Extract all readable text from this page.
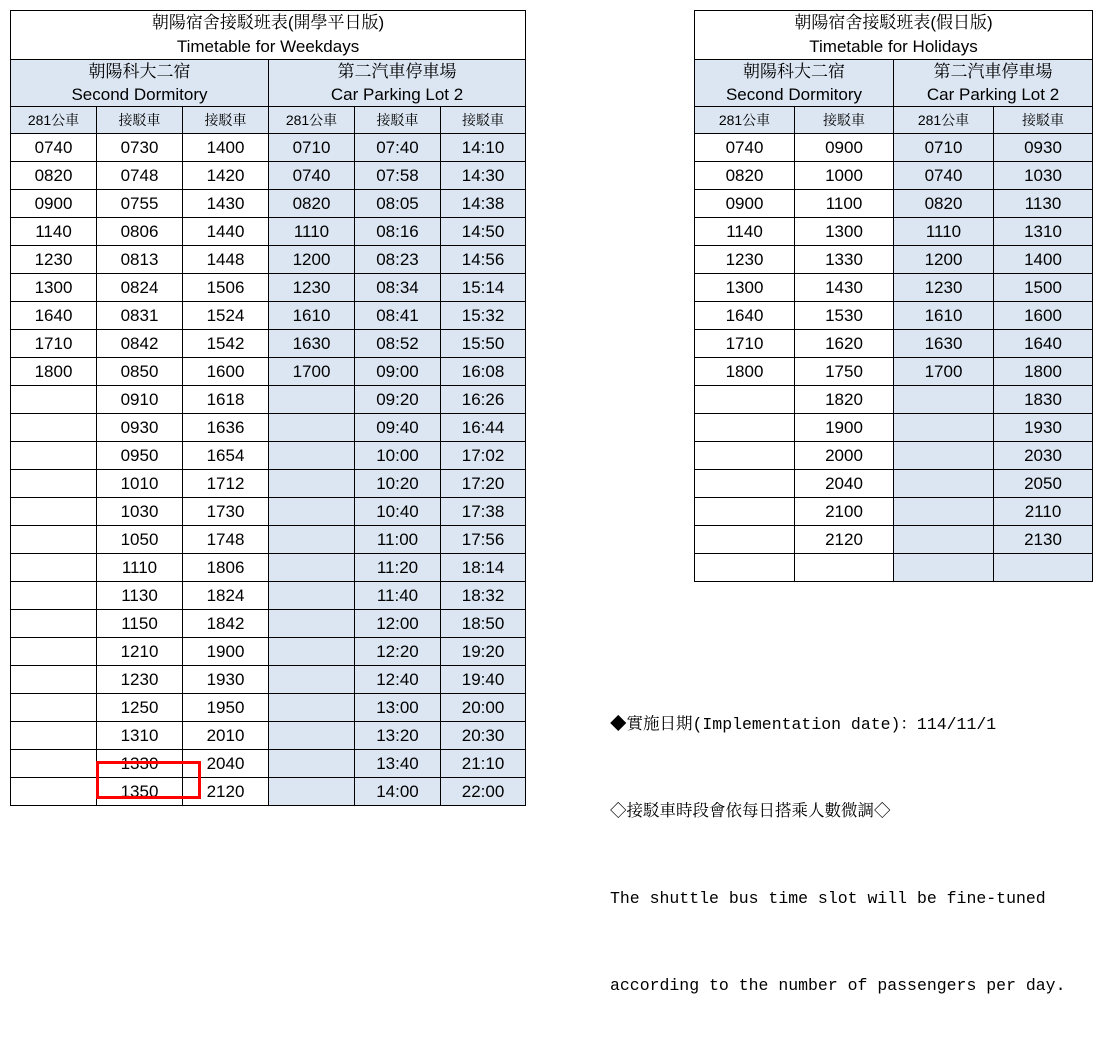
朝陽宿舍接駁班表(開學平日版)
Timetable for Weekdays					

朝陽科大二宿
Second Dormitory			第二汽車停車場
Car Parking Lot 2		

281公車	接駁車	接駁車	281公車	接駁車	接駁車
0740	0730	1400	0710	07:40	14:10
0820	0748	1420	0740	07:58	14:30
0900	0755	1430	0820	08:05	14:38
1140	0806	1440	1110	08:16	14:50
1230	0813	1448	1200	08:23	14:56
1300	0824	1506	1230	08:34	15:14
1640	0831	1524	1610	08:41	15:32
1710	0842	1542	1630	08:52	15:50
1800	0850	1600	1700	09:00	16:08
	0910	1618		09:20	16:26
	0930	1636		09:40	16:44
	0950	1654		10:00	17:02
	1010	1712		10:20	17:20
	1030	1730		10:40	17:38
	1050	1748		11:00	17:56
	1110	1806		11:20	18:14
	1130	1824		11:40	18:32
	1150	1842		12:00	18:50
	1210	1900		12:20	19:20
	1230	1930		12:40	19:40
	1250	1950		13:00	20:00
	1310	2010		13:20	20:30
	1330	2040		13:40	21:10
	1350	2120		14:00	22:00
朝陽宿舍接駁班表(假日版)
Timetable for Holidays			

朝陽科大二宿
Second Dormitory		第二汽車停車場
Car Parking Lot 2	

281公車	接駁車	281公車	接駁車
0740	0900	0710	0930
0820	1000	0740	1030
0900	1100	0820	1130
1140	1300	1110	1310
1230	1330	1200	1400
1300	1430	1230	1500
1640	1530	1610	1600
1710	1620	1630	1640
1800	1750	1700	1800
	1820		1830
	1900		1930
	2000		2030
	2040		2050
	2100		2110
	2120		2130

◆實施日期(Implementation date)：114/11/1

◇接駁車時段會依每日搭乘人數微調◇

The shuttle bus time slot will be fine-tuned

according to the number of passengers per day.
